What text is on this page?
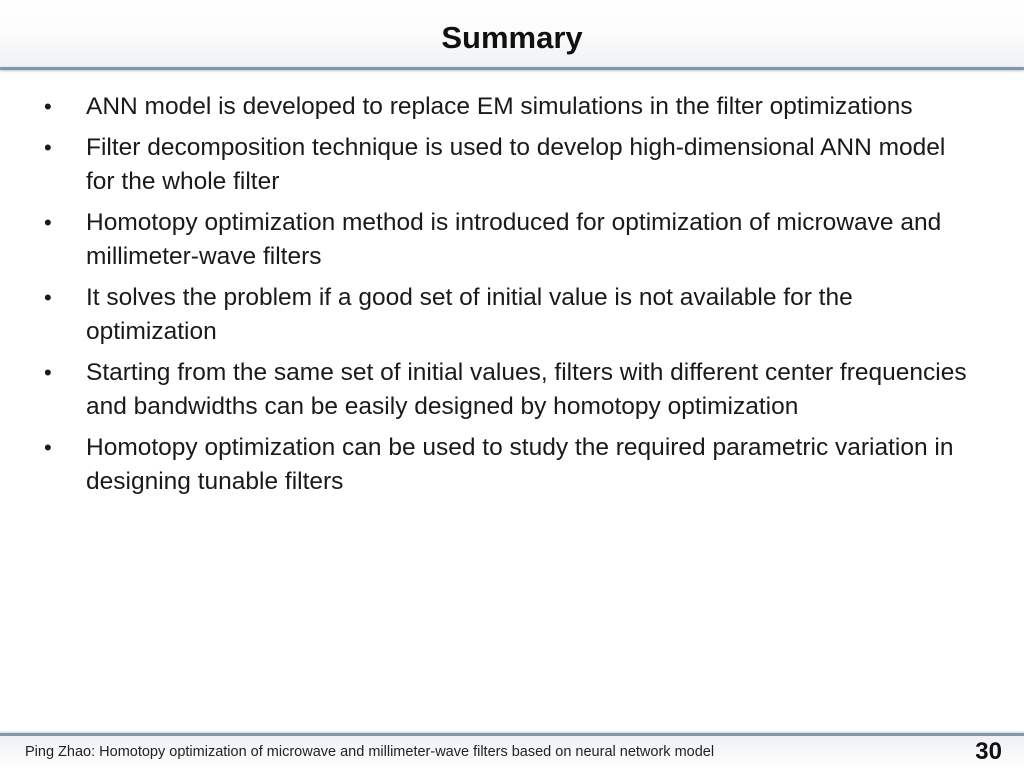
Summary
• ANN model is developed to replace EM simulations in the filter optimizations
• Filter decomposition technique is used to develop high-dimensional ANN model for the whole filter
• Homotopy optimization method is introduced for optimization of microwave and millimeter-wave filters
• It solves the problem if a good set of initial value is not available for the optimization
• Starting from the same set of initial values, filters with different center frequencies and bandwidths can be easily designed by homotopy optimization
• Homotopy optimization can be used to study the required parametric variation in designing tunable filters
Ping Zhao: Homotopy optimization of microwave and millimeter-wave filters based on neural network model	30
